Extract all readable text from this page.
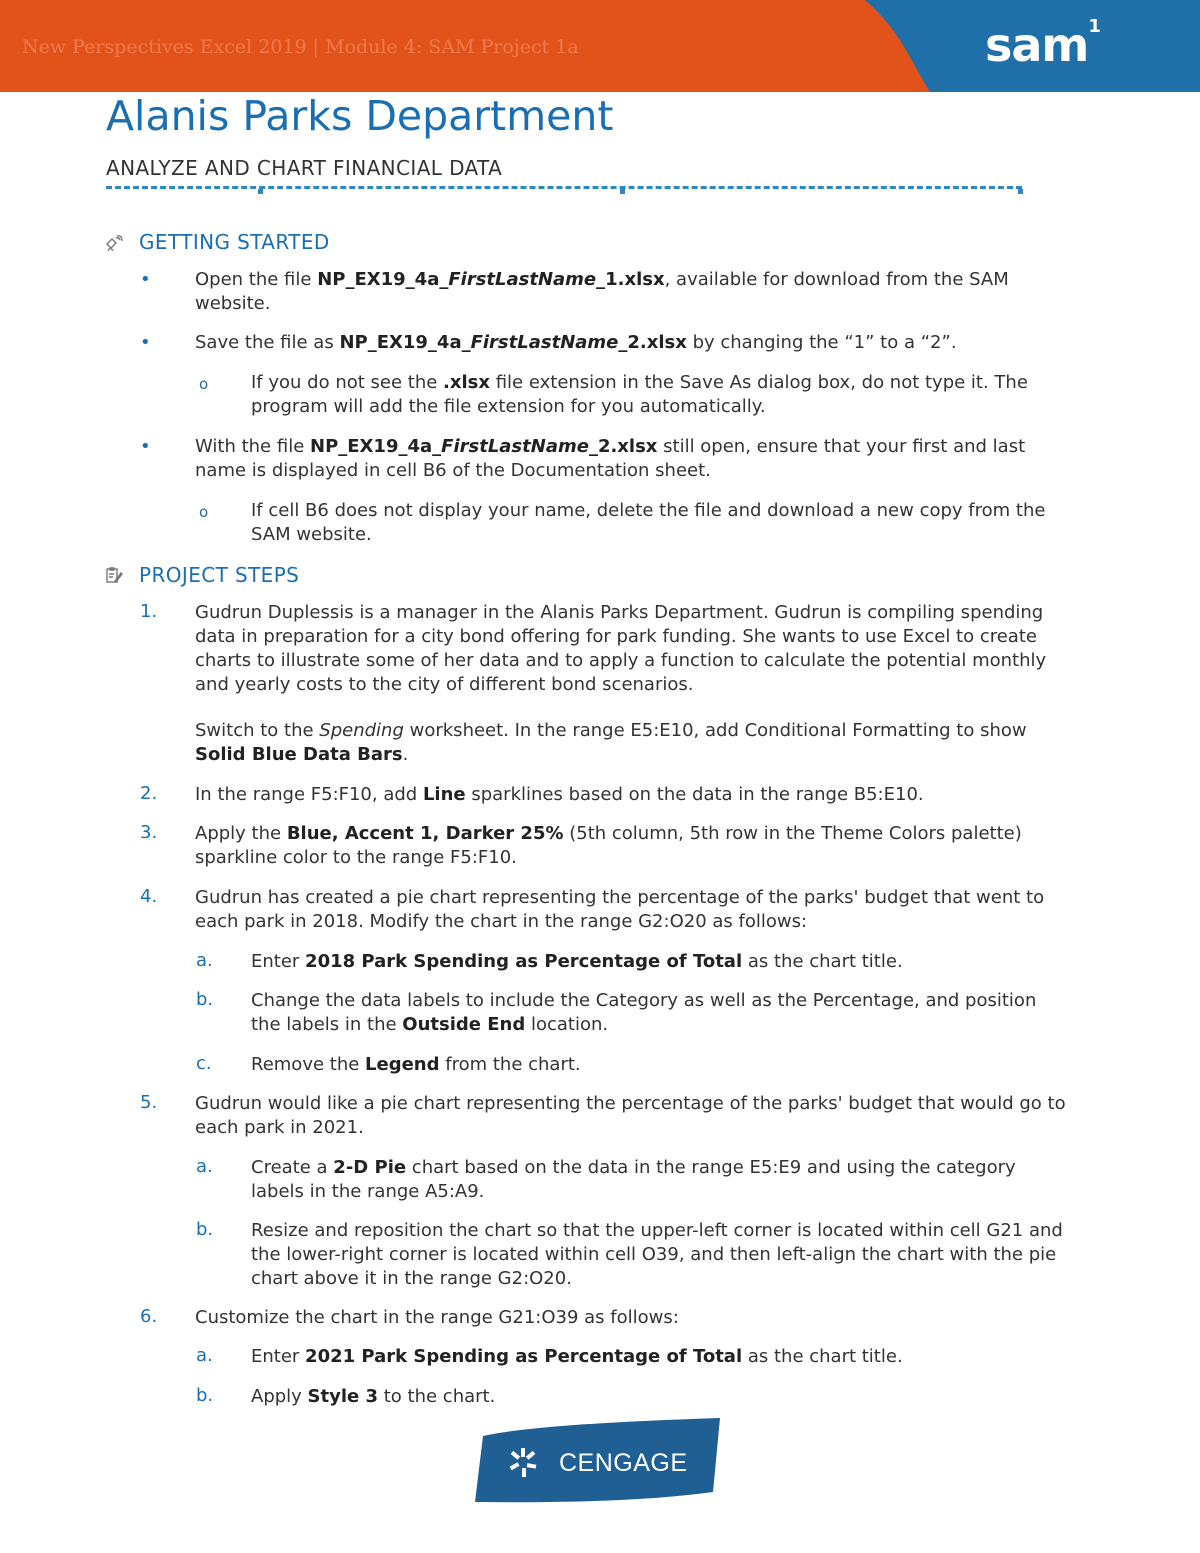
New Perspectives Excel 2019 | Module 4: SAM Project 1a	sam$^1$
Alanis Parks Department
ANALYZE AND CHART FINANCIAL DATA
GETTING STARTED
• Open the file NP_EX19_4a_FirstLastName_1.xlsx, available for download from the SAM website.
• Save the file as NP_EX19_4a_FirstLastName_2.xlsx by changing the “1” to a “2”.
o If you do not see the .xlsx file extension in the Save As dialog box, do not type it. The program will add the file extension for you automatically.
• With the file NP_EX19_4a_FirstLastName_2.xlsx still open, ensure that your first and last name is displayed in cell B6 of the Documentation sheet.
o If cell B6 does not display your name, delete the file and download a new copy from the SAM website.
PROJECT STEPS
1. Gudrun Duplessis is a manager in the Alanis Parks Department. Gudrun is compiling spending data in preparation for a city bond offering for park funding. She wants to use Excel to create charts to illustrate some of her data and to apply a function to calculate the potential monthly and yearly costs to the city of different bond scenarios.
Switch to the Spending worksheet. In the range E5:E10, add Conditional Formatting to show Solid Blue Data Bars.
2. In the range F5:F10, add Line sparklines based on the data in the range B5:E10.
3. Apply the Blue, Accent 1, Darker 25% (5th column, 5th row in the Theme Colors palette) sparkline color to the range F5:F10.
4. Gudrun has created a pie chart representing the percentage of the parks' budget that went to each park in 2018. Modify the chart in the range G2:O20 as follows:
a. Enter 2018 Park Spending as Percentage of Total as the chart title.
b. Change the data labels to include the Category as well as the Percentage, and position the labels in the Outside End location.
c. Remove the Legend from the chart.
5. Gudrun would like a pie chart representing the percentage of the parks' budget that would go to each park in 2021.
a. Create a 2-D Pie chart based on the data in the range E5:E9 and using the category labels in the range A5:A9.
b. Resize and reposition the chart so that the upper-left corner is located within cell G21 and the lower-right corner is located within cell O39, and then left-align the chart with the pie chart above it in the range G2:O20.
6. Customize the chart in the range G21:O39 as follows:
a. Enter 2021 Park Spending as Percentage of Total as the chart title.
b. Apply Style 3 to the chart.
CENGAGE
